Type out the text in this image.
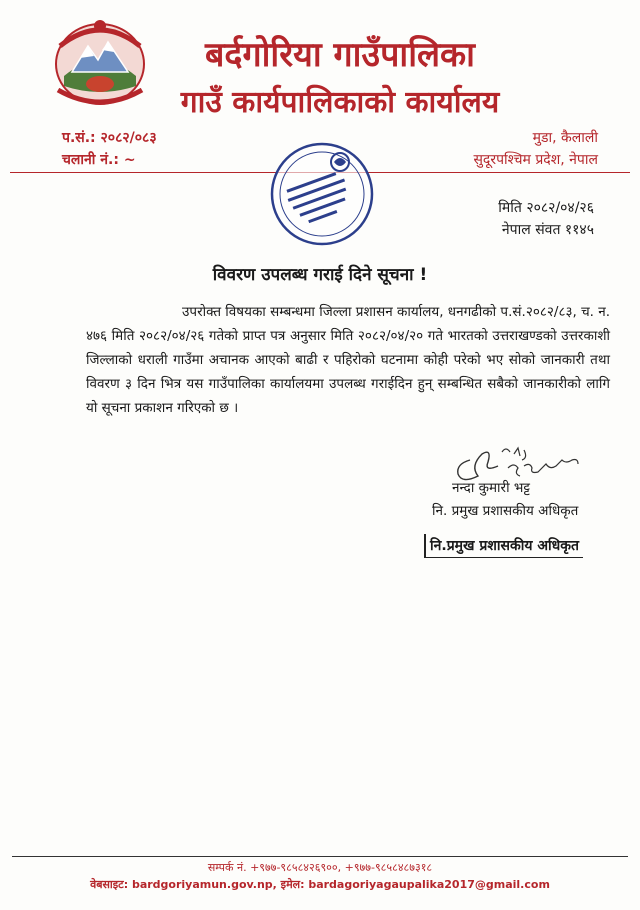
बर्दगोरिया गाउँपालिका
गाउँ कार्यपालिकाको कार्यालय
प.सं.: २०८२/०८३
चलानी नं.: ~
मुडा, कैलाली
सुदूरपश्चिम प्रदेश, नेपाल
मिति २०८२/०४/२६
नेपाल संवत ११४५
विवरण उपलब्ध गराई दिने सूचना !
उपरोक्त विषयका सम्बन्धमा जिल्ला प्रशासन कार्यालय, धनगढीको प.सं.२०८२/८३, च. न. ४७६ मिति २०८२/०४/२६ गतेको प्राप्त पत्र अनुसार मिति २०८२/०४/२० गते भारतको उत्तराखण्डको उत्तरकाशी जिल्लाको धराली गाउँमा अचानक आएको बाढी र पहिरोको घटनामा कोही परेको भए सोको जानकारी तथा विवरण ३ दिन भित्र यस गाउँपालिका कार्यालयमा उपलब्ध गराईदिन हुन् सम्बन्धित सबैको जानकारीको लागि यो सूचना प्रकाशन गरिएको छ ।
नन्दा कुमारी भट्ट
नि. प्रमुख प्रशासकीय अधिकृत
नि.प्रमुख प्रशासकीय अधिकृत
सम्पर्क नं. +९७७-९८५८४२६९००, +९७७-९८५८४८७३१८
वेबसाइट: bardgoriyamun.gov.np, इमेल: bardagoriyagaupalika2017@gmail.com
